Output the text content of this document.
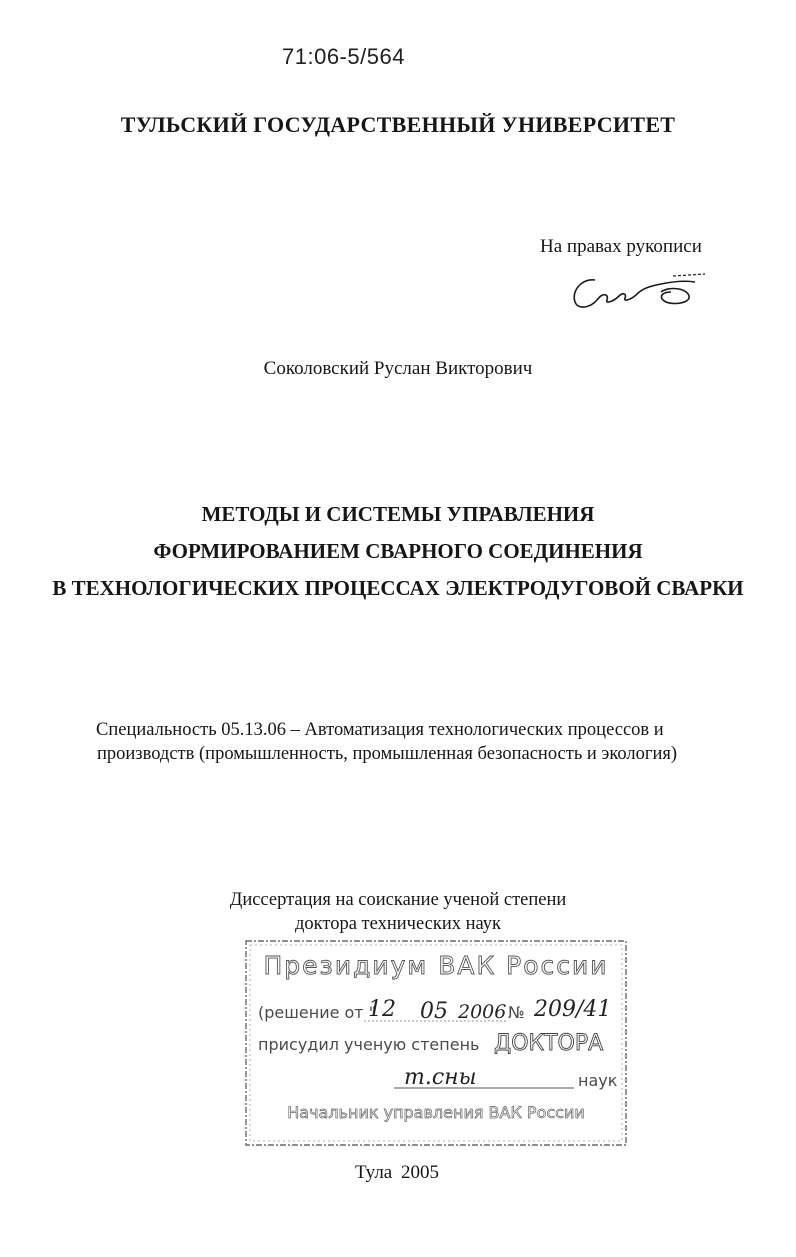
71:06-5/564
ТУЛЬСКИЙ ГОСУДАРСТВЕННЫЙ УНИВЕРСИТЕТ
На правах рукописи
Соколовский Руслан Викторович
МЕТОДЫ И СИСТЕМЫ УПРАВЛЕНИЯ
ФОРМИРОВАНИЕМ СВАРНОГО СОЕДИНЕНИЯ
В ТЕХНОЛОГИЧЕСКИХ ПРОЦЕССАХ ЭЛЕКТРОДУГОВОЙ СВАРКИ
Специальность 05.13.06 – Автоматизация технологических процессов и
производств (промышленность, промышленная безопасность и экология)
Диссертация на соискание ученой степени
доктора технических наук
Президиум ВАК России
(решение от "
12 05 2006 № 209/41
присудил ученую степень ДОКТОРА
т.сны	наук
Начальник управления ВАК России
Тула 2005
